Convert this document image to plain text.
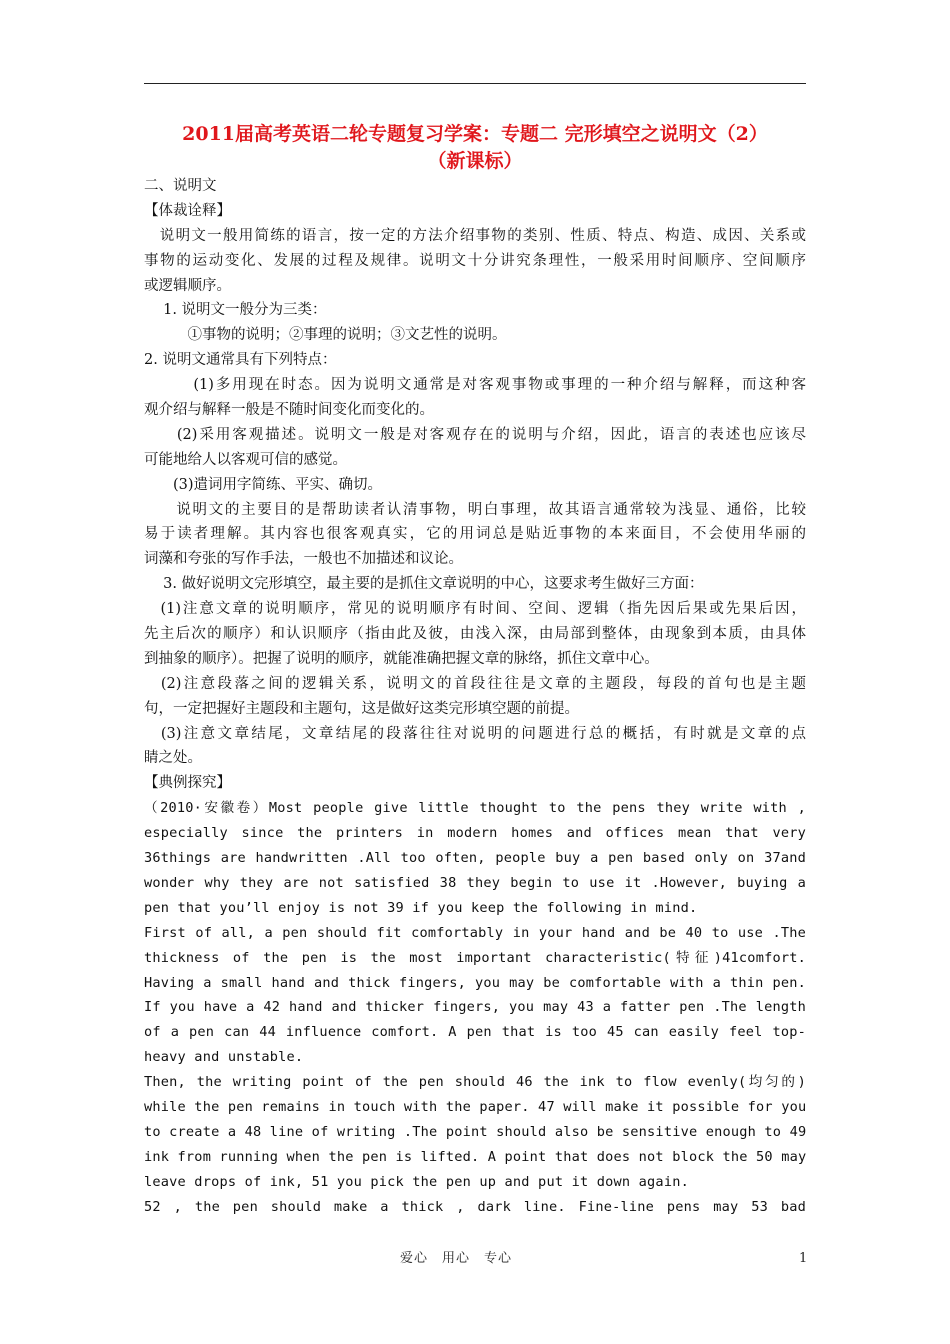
2011届高考英语二轮专题复习学案：专题二 完形填空之说明文（2）
（新课标）
二、说明文
【体裁诠释】
　说明文一般用简练的语言，按一定的方法介绍事物的类别、性质、特点、构造、成因、关系或
事物的运动变化、发展的过程及规律。说明文十分讲究条理性，一般采用时间顺序、空间顺序
或逻辑顺序。
　 1. 说明文一般分为三类：
　　　①事物的说明；②事理的说明；③文艺性的说明。
2. 说明文通常具有下列特点：
　　　(1)多用现在时态。因为说明文通常是对客观事物或事理的一种介绍与解释，而这种客
观介绍与解释一般是不随时间变化而变化的。
　　(2)采用客观描述。说明文一般是对客观存在的说明与介绍，因此，语言的表述也应该尽
可能地给人以客观可信的感觉。
　　(3)遣词用字简练、平实、确切。
　　说明文的主要目的是帮助读者认清事物，明白事理，故其语言通常较为浅显、通俗，比较
易于读者理解。其内容也很客观真实，它的用词总是贴近事物的本来面目，不会使用华丽的
词藻和夸张的写作手法，一般也不加描述和议论。
　 3. 做好说明文完形填空，最主要的是抓住文章说明的中心，这要求考生做好三方面：
　(1)注意文章的说明顺序，常见的说明顺序有时间、空间、逻辑（指先因后果或先果后因，
先主后次的顺序）和认识顺序（指由此及彼，由浅入深，由局部到整体，由现象到本质，由具体
到抽象的顺序）。把握了说明的顺序，就能准确把握文章的脉络，抓住文章中心。
　(2)注意段落之间的逻辑关系，说明文的首段往往是文章的主题段，每段的首句也是主题
句，一定把握好主题段和主题句，这是做好这类完形填空题的前提。
　(3)注意文章结尾，文章结尾的段落往往对说明的问题进行总的概括，有时就是文章的点
睛之处。
【典例探究】
（2010·安徽卷）Most people give little thought to the pens they write with ,
especially since the printers in modern homes and offices mean that very
36things are handwritten .All too often, people buy a pen based only on 37and
wonder why they are not satisfied 38 they begin to use it .However, buying a
pen that you’ll enjoy is not 39 if you keep the following in mind.
First of all, a pen should fit comfortably in your hand and be 40 to use .The
thickness of the pen is the most important characteristic(特征)41comfort.
Having a small hand and thick fingers, you may be comfortable with a thin pen.
If you have a 42 hand and thicker fingers, you may 43 a fatter pen .The length
of a pen can 44 influence comfort. A pen that is too 45 can easily feel top-
heavy and unstable.
Then, the writing point of the pen should 46 the ink to flow evenly(均匀的)
while the pen remains in touch with the paper. 47 will make it possible for you
to create a 48 line of writing .The point should also be sensitive enough to 49
ink from running when the pen is lifted. A point that does not block the 50 may
leave drops of ink, 51 you pick the pen up and put it down again.
52 , the pen should make a thick , dark line. Fine-line pens may 53 bad
爱心　用心　专心	1
